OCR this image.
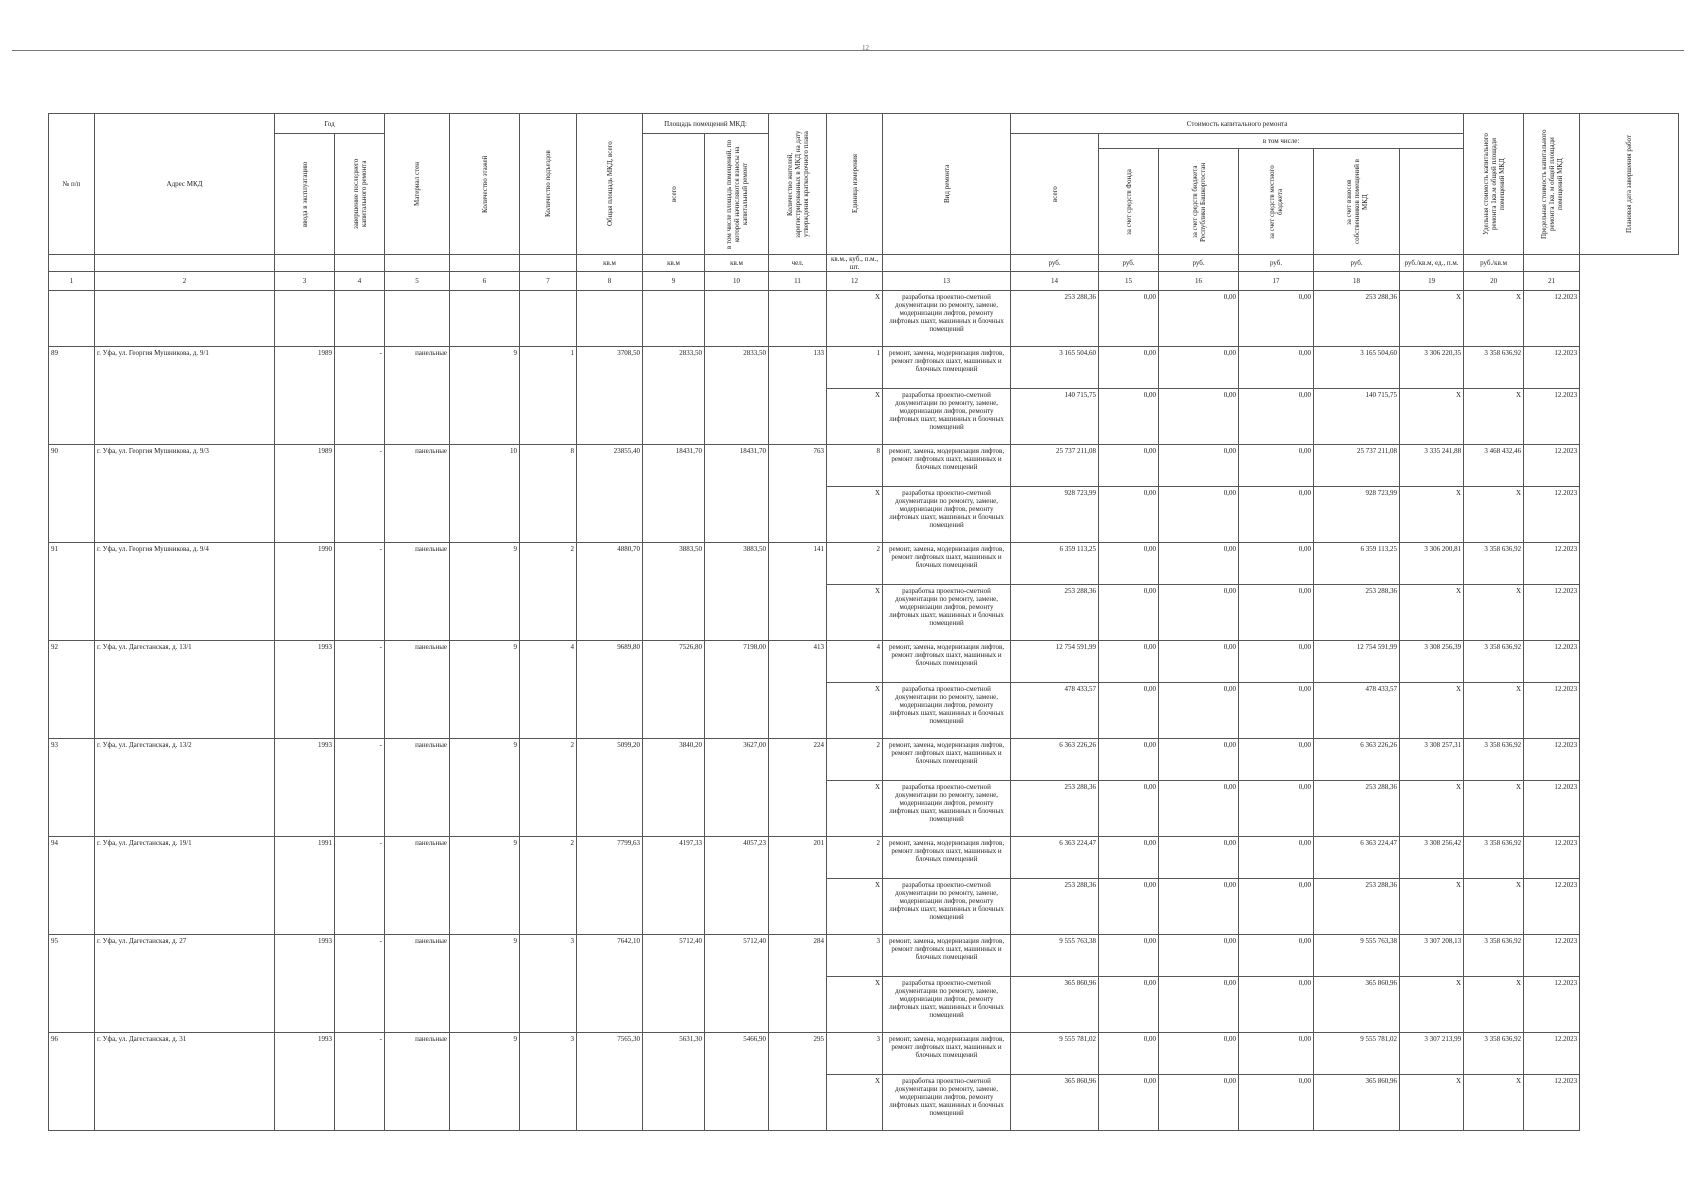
12
№ п/п	Адрес МКД	Год		Материал стен	Количество этажей	Количество подъездов	Общая площадь МКД, всего	Площадь помещений МКД:		Количество жителей, зарегистрированных в МКД на дату утверждения краткосрочного плана	Единица измерения	Вид ремонта	Стоимость капитального ремонта						Удельная стоимость капитального ремонта 1кв.м общей площади помещений МКД	Предельная стоимость капитального ремонта 1кв. м общей площади помещений МКД	Плановая дата завершения работ

		ввода в эксплуатацию	завершение последнего капитального ремонта					всего	в том числе площадь помещений, по которой начисляются взносы на капитальный ремонт				всего	в том числе:							

														за счет средств Фонда	за счет средств бюджета Республики Башкортостан	за счет средств местного бюджета	за счет взносов собственников помещений в МКД				

							кв.м	кв.м	кв.м	чел.	кв.м., куб., п.м., шт.		руб.	руб.	руб.	руб.	руб.	руб./кв.м, ед., п.м.	руб./кв.м		
1	2	3	4	5	6	7	8	9	10	11	12	13	14	15	16	17	18	19	20	21	
											X	разработка проектно-сметной документации по ремонту, замене, модернизации лифтов, ремонту лифтовых шахт, машинных и блочных помещений	253 288,36	0,00	0,00	0,00	253 288,36	X	X	12.2023	
89	г. Уфа, ул. Георгия Мушникова, д. 9/1	1989	-	панельные	9	1	3708,50	2833,50	2833,50	133	1	ремонт, замена, модернизация лифтов, ремонт лифтовых шахт, машинных и блочных помещений	3 165 504,60	0,00	0,00	0,00	3 165 504,60	3 306 220,35	3 358 636,92	12.2023	
											X	разработка проектно-сметной документации по ремонту, замене, модернизации лифтов, ремонту лифтовых шахт, машинных и блочных помещений	140 715,75	0,00	0,00	0,00	140 715,75	X	X	12.2023	
90	г. Уфа, ул. Георгия Мушникова, д. 9/3	1989	-	панельные	10	8	23855,40	18431,70	18431,70	763	8	ремонт, замена, модернизация лифтов, ремонт лифтовых шахт, машинных и блочных помещений	25 737 211,08	0,00	0,00	0,00	25 737 211,08	3 335 241,88	3 468 432,46	12.2023	
											X	разработка проектно-сметной документации по ремонту, замене, модернизации лифтов, ремонту лифтовых шахт, машинных и блочных помещений	928 723,99	0,00	0,00	0,00	928 723,99	X	X	12.2023	
91	г. Уфа, ул. Георгия Мушникова, д. 9/4	1990	-	панельные	9	2	4880,70	3883,50	3883,50	141	2	ремонт, замена, модернизация лифтов, ремонт лифтовых шахт, машинных и блочных помещений	6 359 113,25	0,00	0,00	0,00	6 359 113,25	3 306 200,81	3 358 636,92	12.2023	
											X	разработка проектно-сметной документации по ремонту, замене, модернизации лифтов, ремонту лифтовых шахт, машинных и блочных помещений	253 288,36	0,00	0,00	0,00	253 288,36	X	X	12.2023	
92	г. Уфа, ул. Дагестанская, д. 13/1	1993	-	панельные	9	4	9689,80	7526,80	7198,00	413	4	ремонт, замена, модернизация лифтов, ремонт лифтовых шахт, машинных и блочных помещений	12 754 591,99	0,00	0,00	0,00	12 754 591,99	3 308 256,39	3 358 636,92	12.2023	
											X	разработка проектно-сметной документации по ремонту, замене, модернизации лифтов, ремонту лифтовых шахт, машинных и блочных помещений	478 433,57	0,00	0,00	0,00	478 433,57	X	X	12.2023	
93	г. Уфа, ул. Дагестанская, д. 13/2	1993	-	панельные	9	2	5099,20	3840,20	3627,00	224	2	ремонт, замена, модернизация лифтов, ремонт лифтовых шахт, машинных и блочных помещений	6 363 226,26	0,00	0,00	0,00	6 363 226,26	3 308 257,31	3 358 636,92	12.2023	
											X	разработка проектно-сметной документации по ремонту, замене, модернизации лифтов, ремонту лифтовых шахт, машинных и блочных помещений	253 288,36	0,00	0,00	0,00	253 288,36	X	X	12.2023	
94	г. Уфа, ул. Дагестанская, д. 19/1	1991	-	панельные	9	2	7799,63	4197,33	4057,23	201	2	ремонт, замена, модернизация лифтов, ремонт лифтовых шахт, машинных и блочных помещений	6 363 224,47	0,00	0,00	0,00	6 363 224,47	3 308 256,42	3 358 636,92	12.2023	
											X	разработка проектно-сметной документации по ремонту, замене, модернизации лифтов, ремонту лифтовых шахт, машинных и блочных помещений	253 288,36	0,00	0,00	0,00	253 288,36	X	X	12.2023	
95	г. Уфа, ул. Дагестанская, д. 27	1993	-	панельные	9	3	7642,10	5712,40	5712,40	284	3	ремонт, замена, модернизация лифтов, ремонт лифтовых шахт, машинных и блочных помещений	9 555 763,38	0,00	0,00	0,00	9 555 763,38	3 307 208,13	3 358 636,92	12.2023	
											X	разработка проектно-сметной документации по ремонту, замене, модернизации лифтов, ремонту лифтовых шахт, машинных и блочных помещений	365 860,96	0,00	0,00	0,00	365 860,96	X	X	12.2023	
96	г. Уфа, ул. Дагестанская, д. 31	1993	-	панельные	9	3	7565,30	5631,30	5466,90	295	3	ремонт, замена, модернизация лифтов, ремонт лифтовых шахт, машинных и блочных помещений	9 555 781,02	0,00	0,00	0,00	9 555 781,02	3 307 213,99	3 358 636,92	12.2023	
											X	разработка проектно-сметной документации по ремонту, замене, модернизации лифтов, ремонту лифтовых шахт, машинных и блочных помещений	365 860,96	0,00	0,00	0,00	365 860,96	X	X	12.2023	
